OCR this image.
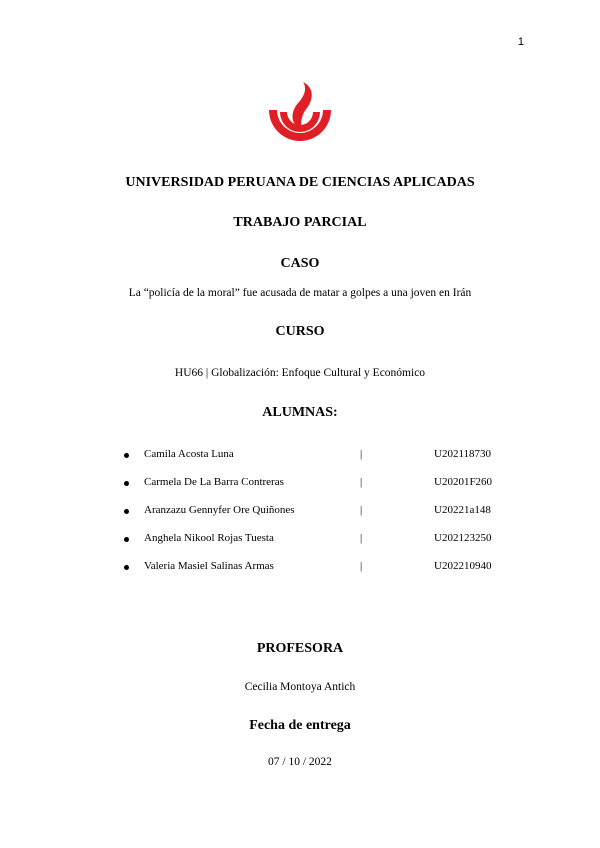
1
UNIVERSIDAD PERUANA DE CIENCIAS APLICADAS
TRABAJO PARCIAL
CASO
La “policía de la moral” fue acusada de matar a golpes a una joven en Irán
CURSO
HU66 | Globalización: Enfoque Cultural y Económico
ALUMNAS:
Camila Acosta Luna	|	U202118730
Carmela De La Barra Contreras	|	U20201F260
Aranzazu Gennyfer Ore Quiñones	|	U20221a148
Anghela Nikool Rojas Tuesta	|	U202123250
Valeria Masiel Salinas Armas	|	U202210940
PROFESORA
Cecilia Montoya Antich
Fecha de entrega
07 / 10 / 2022
